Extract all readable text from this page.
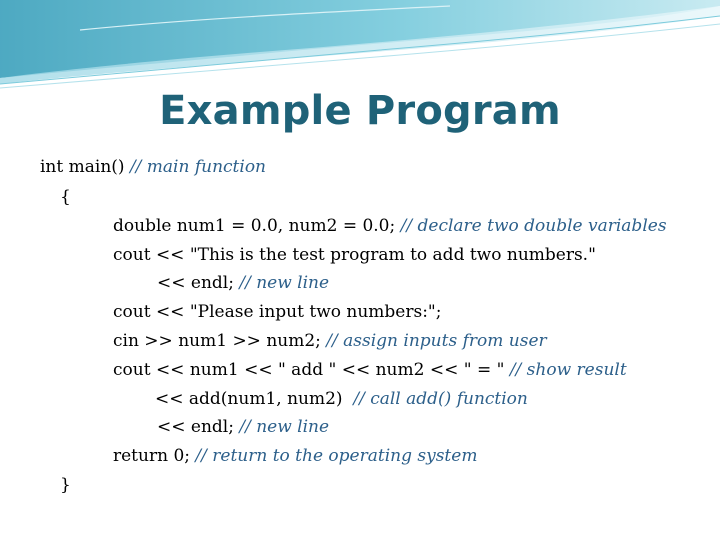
Example Program
int main() // main function
{
double num1 = 0.0, num2 = 0.0; // declare two double variables
cout << "This is the test program to add two numbers."
<< endl; // new line
cout << "Please input two numbers:";
cin >> num1 >> num2; // assign inputs from user
cout << num1 << " add " << num2 << " = " // show result
<< add(num1, num2)  // call add() function
<< endl; // new line
return 0; // return to the operating system
}
